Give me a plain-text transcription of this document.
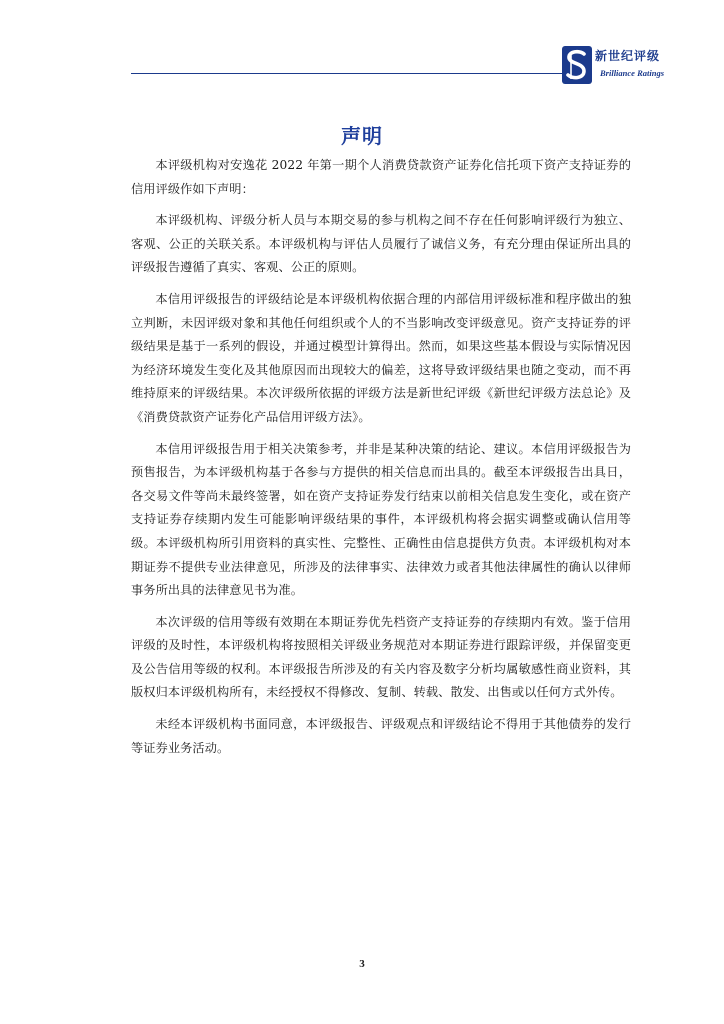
新世纪评级
Brilliance Ratings
声明

本评级机构对安逸花 2022 年第一期个人消费贷款资产证券化信托项下资产支持证券的信用评级作如下声明：

本评级机构、评级分析人员与本期交易的参与机构之间不存在任何影响评级行为独立、客观、公正的关联关系。本评级机构与评估人员履行了诚信义务，有充分理由保证所出具的评级报告遵循了真实、客观、公正的原则。

本信用评级报告的评级结论是本评级机构依据合理的内部信用评级标准和程序做出的独立判断，未因评级对象和其他任何组织或个人的不当影响改变评级意见。资产支持证券的评级结果是基于一系列的假设，并通过模型计算得出。然而，如果这些基本假设与实际情况因为经济环境发生变化及其他原因而出现较大的偏差，这将导致评级结果也随之变动，而不再维持原来的评级结果。本次评级所依据的评级方法是新世纪评级《新世纪评级方法总论》及《消费贷款资产证券化产品信用评级方法》。

本信用评级报告用于相关决策参考，并非是某种决策的结论、建议。本信用评级报告为预售报告，为本评级机构基于各参与方提供的相关信息而出具的。截至本评级报告出具日，各交易文件等尚未最终签署，如在资产支持证券发行结束以前相关信息发生变化，或在资产支持证券存续期内发生可能影响评级结果的事件，本评级机构将会据实调整或确认信用等级。本评级机构所引用资料的真实性、完整性、正确性由信息提供方负责。本评级机构对本期证券不提供专业法律意见，所涉及的法律事实、法律效力或者其他法律属性的确认以律师事务所出具的法律意见书为准。

本次评级的信用等级有效期在本期证券优先档资产支持证券的存续期内有效。鉴于信用评级的及时性，本评级机构将按照相关评级业务规范对本期证券进行跟踪评级，并保留变更及公告信用等级的权利。本评级报告所涉及的有关内容及数字分析均属敏感性商业资料，其版权归本评级机构所有，未经授权不得修改、复制、转载、散发、出售或以任何方式外传。

未经本评级机构书面同意，本评级报告、评级观点和评级结论不得用于其他债券的发行等证券业务活动。

3
